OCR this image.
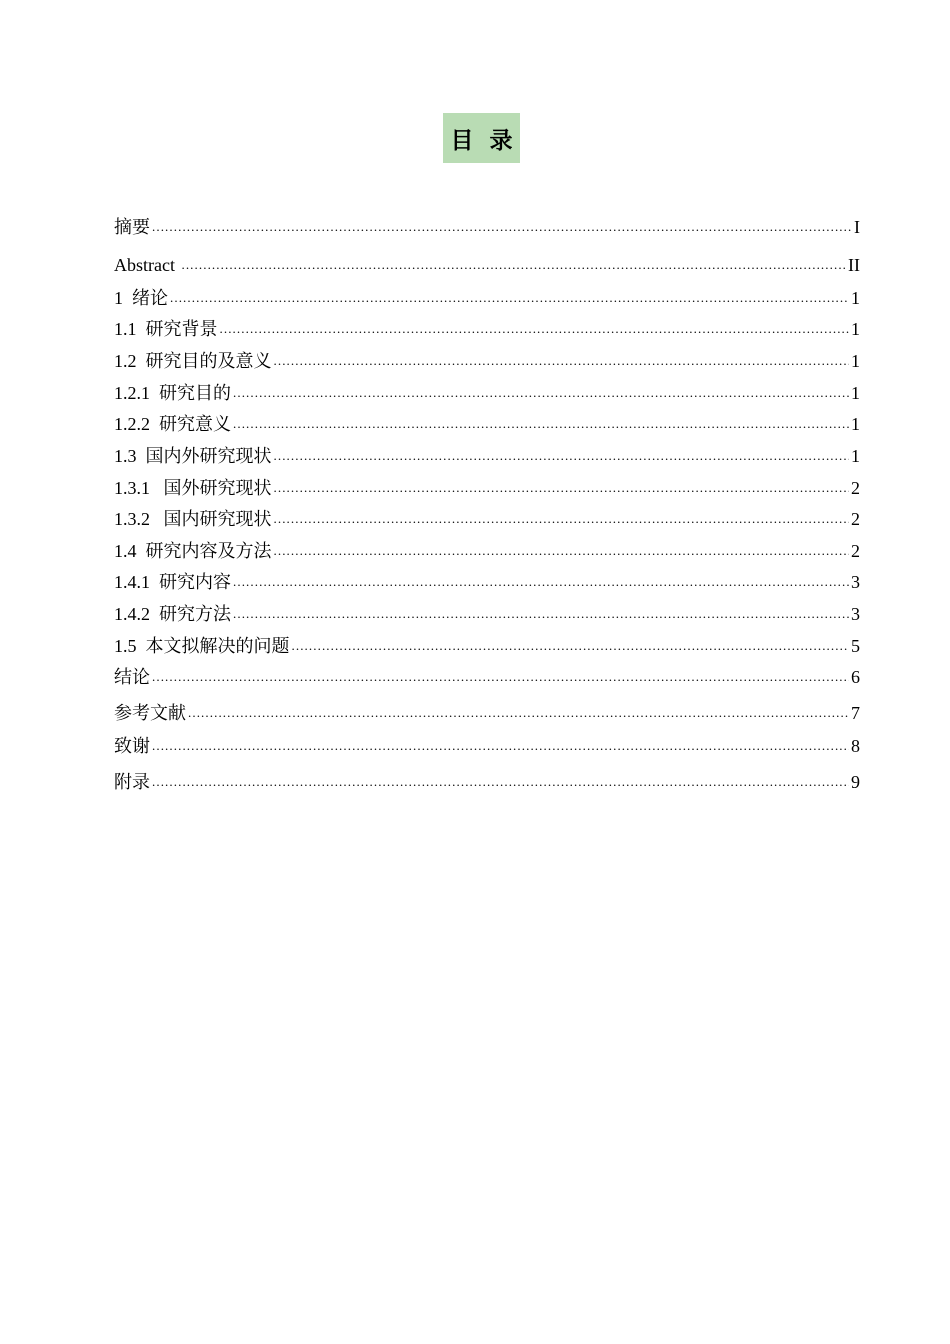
目  录
摘要 .....	I
Abstract .....	II
1  绪论 .....	1
1.1  研究背景 .....	1
1.2  研究目的及意义 .....	1
1.2.1  研究目的 .....	1
1.2.2  研究意义 .....	1
1.3  国内外研究现状 .....	1
1.3.1   国外研究现状 .....	2
1.3.2   国内研究现状 .....	2
1.4  研究内容及方法 .....	2
1.4.1  研究内容 .....	3
1.4.2  研究方法 .....	3
1.5  本文拟解决的问题 .....	5
结论 .....	6
参考文献 .....	7
致谢 .....	8
附录 .....	9
